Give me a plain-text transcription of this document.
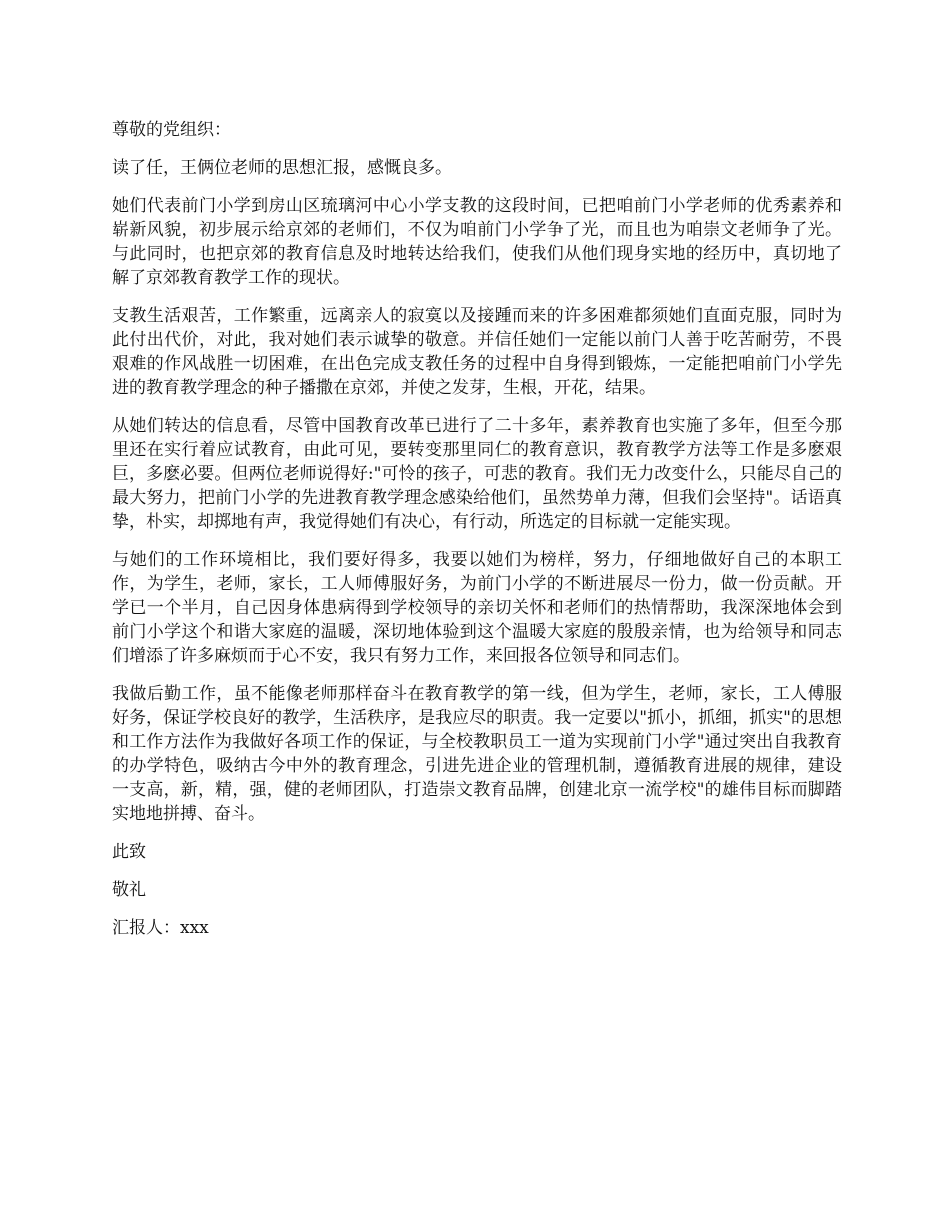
尊敬的党组织：

读了任，王俩位老师的思想汇报，感慨良多。

她们代表前门小学到房山区琉璃河中心小学支教的这段时间，已把咱前门小学老师的优秀素养和崭新风貌，初步展示给京郊的老师们，不仅为咱前门小学争了光，而且也为咱崇文老师争了光。与此同时，也把京郊的教育信息及时地转达给我们，使我们从他们现身实地的经历中，真切地了解了京郊教育教学工作的现状。

支教生活艰苦，工作繁重，远离亲人的寂寞以及接踵而来的许多困难都须她们直面克服，同时为此付出代价，对此，我对她们表示诚挚的敬意。并信任她们一定能以前门人善于吃苦耐劳，不畏艰难的作风战胜一切困难，在出色完成支教任务的过程中自身得到锻炼，一定能把咱前门小学先进的教育教学理念的种子播撒在京郊，并使之发芽，生根，开花，结果。

从她们转达的信息看，尽管中国教育改革已进行了二十多年，素养教育也实施了多年，但至今那里还在实行着应试教育，由此可见，要转变那里同仁的教育意识，教育教学方法等工作是多麽艰巨，多麽必要。但两位老师说得好:"可怜的孩子，可悲的教育。我们无力改变什么，只能尽自己的最大努力，把前门小学的先进教育教学理念感染给他们，虽然势单力薄，但我们会坚持"。话语真挚，朴实，却掷地有声，我觉得她们有决心，有行动，所选定的目标就一定能实现。

与她们的工作环境相比，我们要好得多，我要以她们为榜样，努力，仔细地做好自己的本职工作，为学生，老师，家长，工人师傅服好务，为前门小学的不断进展尽一份力，做一份贡献。开学已一个半月，自己因身体患病得到学校领导的亲切关怀和老师们的热情帮助，我深深地体会到前门小学这个和谐大家庭的温暖，深切地体验到这个温暖大家庭的殷殷亲情，也为给领导和同志们增添了许多麻烦而于心不安，我只有努力工作，来回报各位领导和同志们。

我做后勤工作，虽不能像老师那样奋斗在教育教学的第一线，但为学生，老师，家长，工人傅服好务，保证学校良好的教学，生活秩序，是我应尽的职责。我一定要以"抓小，抓细，抓实"的思想和工作方法作为我做好各项工作的保证，与全校教职员工一道为实现前门小学"通过突出自我教育的办学特色，吸纳古今中外的教育理念，引进先进企业的管理机制，遵循教育进展的规律，建设一支高，新，精，强，健的老师团队，打造崇文教育品牌，创建北京一流学校"的雄伟目标而脚踏实地地拼搏、奋斗。

此致

敬礼

汇报人：xxx
